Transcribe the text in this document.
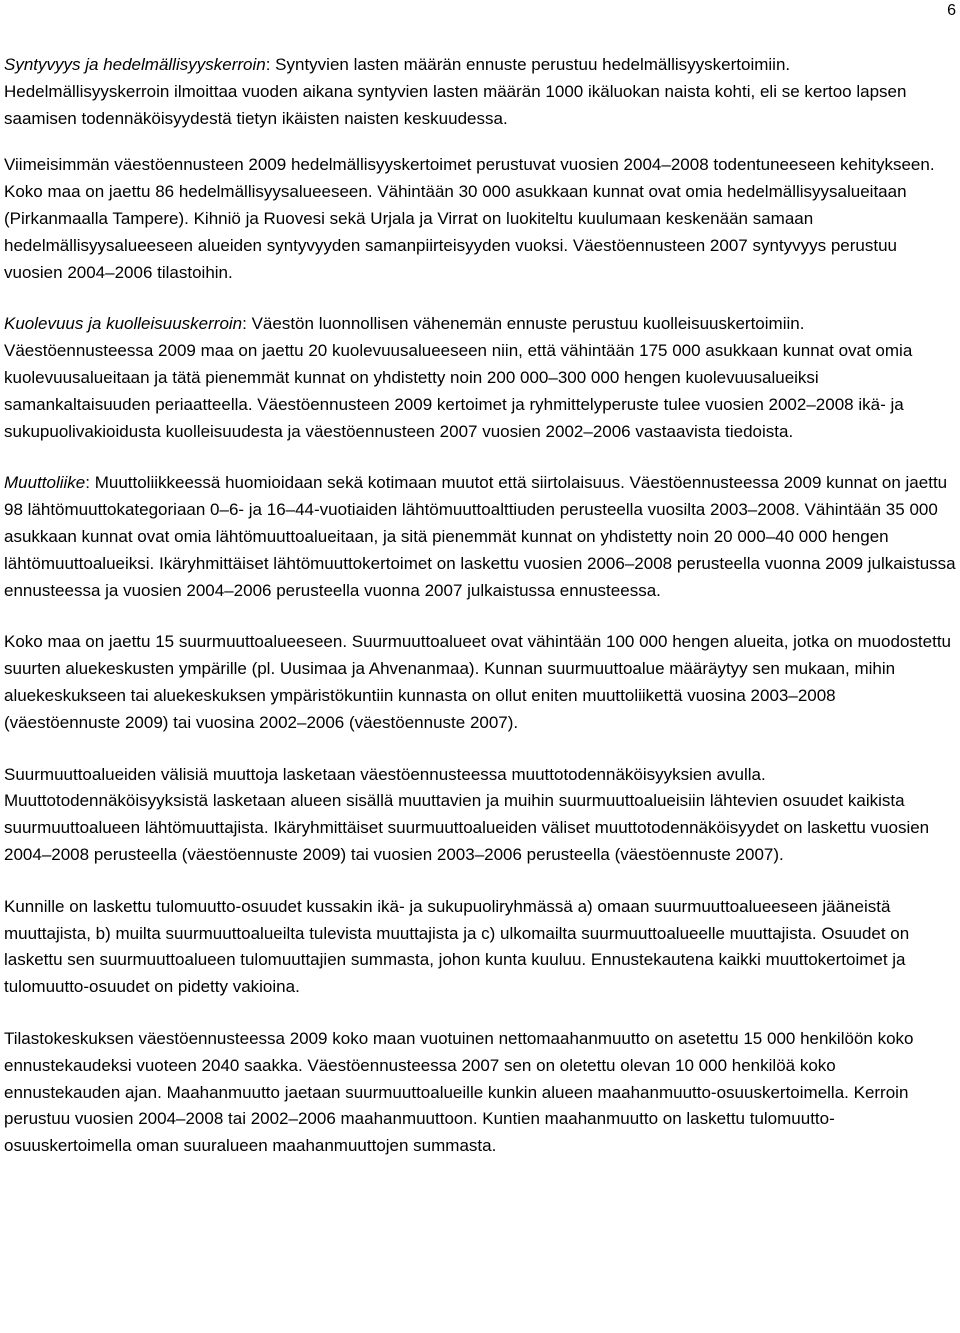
6

Syntyvyys ja hedelmällisyyskerroin: Syntyvien lasten määrän ennuste perustuu hedelmällisyyskertoimiin. Hedelmällisyyskerroin ilmoittaa vuoden aikana syntyvien lasten määrän 1000 ikäluokan naista kohti, eli se kertoo lapsen saamisen todennäköisyydestä tietyn ikäisten naisten keskuudessa.

Viimeisimmän väestöennusteen 2009 hedelmällisyyskertoimet perustuvat vuosien 2004–2008 todentuneeseen kehitykseen. Koko maa on jaettu 86 hedelmällisyysalueeseen. Vähintään 30 000 asukkaan kunnat ovat omia hedelmällisyysalueitaan (Pirkanmaalla Tampere). Kihniö ja Ruovesi sekä Urjala ja Virrat on luokiteltu kuulumaan keskenään samaan hedelmällisyysalueeseen alueiden syntyvyyden samanpiirteisyyden vuoksi. Väestöennusteen 2007 syntyvyys perustuu vuosien 2004–2006 tilastoihin.

Kuolevuus ja kuolleisuuskerroin: Väestön luonnollisen vähenemän ennuste perustuu kuolleisuuskertoimiin. Väestöennusteessa 2009 maa on jaettu 20 kuolevuusalueeseen niin, että vähintään 175 000 asukkaan kunnat ovat omia kuolevuusalueitaan ja tätä pienemmät kunnat on yhdistetty noin 200 000–300 000 hengen kuolevuusalueiksi samankaltaisuuden periaatteella. Väestöennusteen 2009 kertoimet ja ryhmittelyperuste tulee vuosien 2002–2008 ikä- ja sukupuolivakioidusta kuolleisuudesta ja väestöennusteen 2007 vuosien 2002–2006 vastaavista tiedoista.

Muuttoliike: Muuttoliikkeessä huomioidaan sekä kotimaan muutot että siirtolaisuus. Väestöennusteessa 2009 kunnat on jaettu 98 lähtömuuttokategoriaan 0–6- ja 16–44-vuotiaiden lähtömuuttoalttiuden perusteella vuosilta 2003–2008. Vähintään 35 000 asukkaan kunnat ovat omia lähtömuuttoalueitaan, ja sitä pienemmät kunnat on yhdistetty noin 20 000–40 000 hengen lähtömuuttoalueiksi. Ikäryhmittäiset lähtömuuttokertoimet on laskettu vuosien 2006–2008 perusteella vuonna 2009 julkaistussa ennusteessa ja vuosien 2004–2006 perusteella vuonna 2007 julkaistussa ennusteessa.

Koko maa on jaettu 15 suurmuuttoalueeseen. Suurmuuttoalueet ovat vähintään 100 000 hengen alueita, jotka on muodostettu suurten aluekeskusten ympärille (pl. Uusimaa ja Ahvenanmaa). Kunnan suurmuuttoalue määräytyy sen mukaan, mihin aluekeskukseen tai aluekeskuksen ympäristökuntiin kunnasta on ollut eniten muuttoliikettä vuosina 2003–2008 (väestöennuste 2009) tai vuosina 2002–2006 (väestöennuste 2007).

Suurmuuttoalueiden välisiä muuttoja lasketaan väestöennusteessa muuttotodennäköisyyksien avulla. Muuttotodennäköisyyksistä lasketaan alueen sisällä muuttavien ja muihin suurmuuttoalueisiin lähtevien osuudet kaikista suurmuuttoalueen lähtömuuttajista. Ikäryhmittäiset suurmuuttoalueiden väliset muuttotodennäköisyydet on laskettu vuosien 2004–2008 perusteella (väestöennuste 2009) tai vuosien 2003–2006 perusteella (väestöennuste 2007).

Kunnille on laskettu tulomuutto-osuudet kussakin ikä- ja sukupuoliryhmässä a) omaan suurmuuttoalueeseen jääneistä muuttajista, b) muilta suurmuuttoalueilta tulevista muuttajista ja c) ulkomailta suurmuuttoalueelle muuttajista. Osuudet on laskettu sen suurmuuttoalueen tulomuuttajien summasta, johon kunta kuuluu. Ennustekautena kaikki muuttokertoimet ja tulomuutto-osuudet on pidetty vakioina.

Tilastokeskuksen väestöennusteessa 2009 koko maan vuotuinen nettomaahanmuutto on asetettu 15 000 henkilöön koko ennustekaudeksi vuoteen 2040 saakka. Väestöennusteessa 2007 sen on oletettu olevan 10 000 henkilöä koko ennustekauden ajan. Maahanmuutto jaetaan suurmuuttoalueille kunkin alueen maahanmuutto-osuuskertoimella. Kerroin perustuu vuosien 2004–2008 tai 2002–2006 maahanmuuttoon. Kuntien maahanmuutto on laskettu tulomuutto-osuuskertoimella oman suuralueen maahanmuuttojen summasta.
